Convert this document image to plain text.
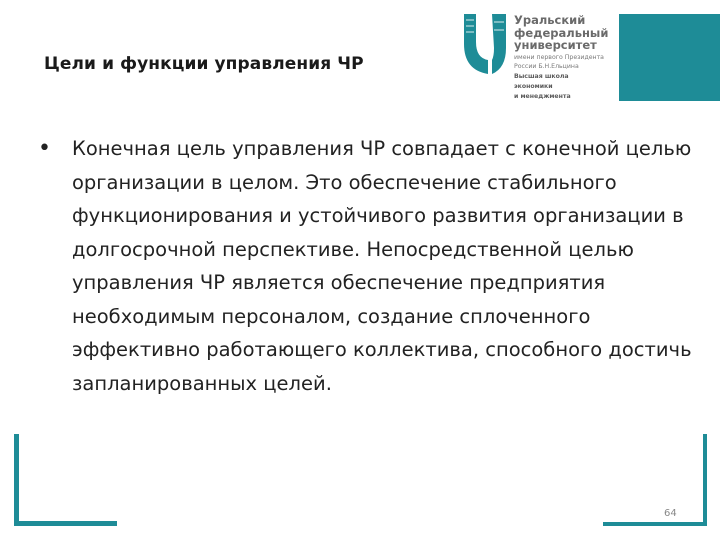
Уральский
федеральный
университет
имени первого Президента
России Б.Н.Ельцина
Высшая школа
экономики
и менеджмента
Цели и функции управления ЧР
• Конечная цель управления ЧР совпадает с конечной целью организации в целом. Это обеспечение стабильного функционирования и устойчивого развития организации в долгосрочной перспективе. Непосредственной целью управления ЧР является обеспечение предприятия необходимым персоналом, создание сплоченного эффективно работающего коллектива, способного достичь запланированных целей.

64
